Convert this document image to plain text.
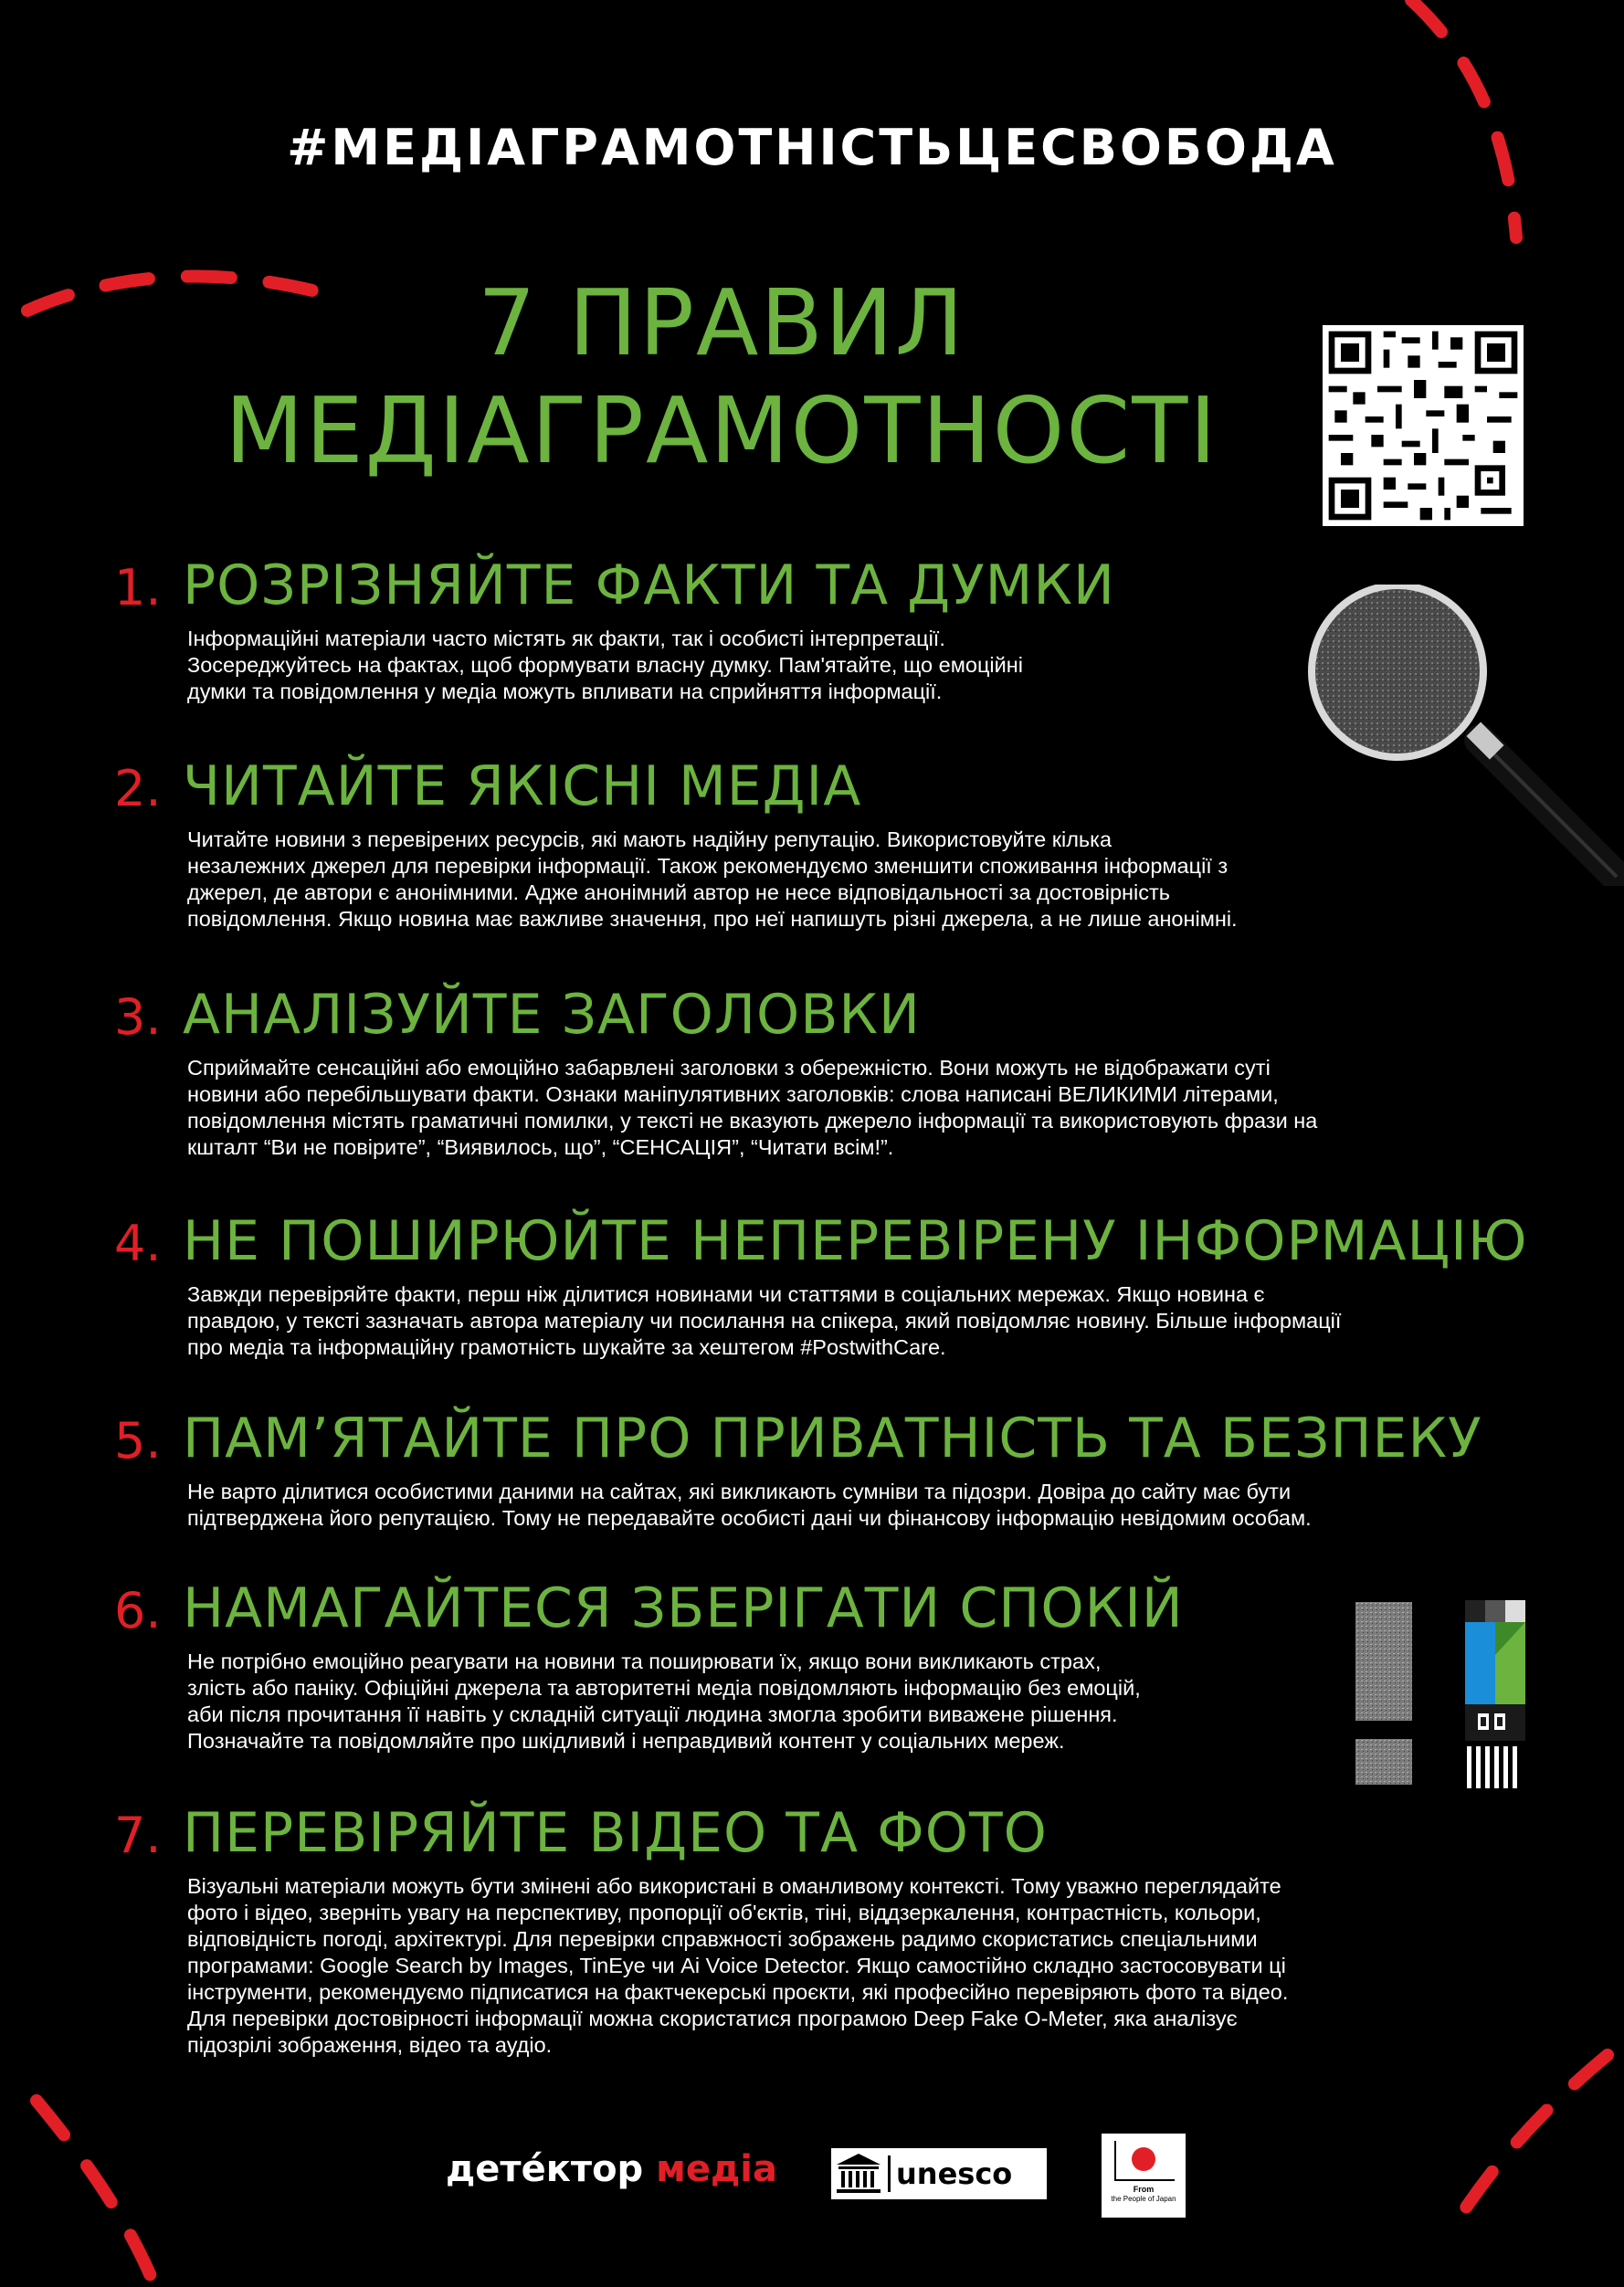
#МЕДІАГРАМОТНІСТЬЦЕСВОБОДА
7 ПРАВИЛ
МЕДІАГРАМОТНОСТІ
1. РОЗРІЗНЯЙТЕ ФАКТИ ТА ДУМКИ
Інформаційні матеріали часто містять як факти, так і особисті інтерпретації.
Зосереджуйтесь на фактах, щоб формувати власну думку. Пам'ятайте, що емоційні
думки та повідомлення у медіа можуть впливати на сприйняття інформації.
2. ЧИТАЙТЕ ЯКІСНІ МЕДІА
Читайте новини з перевірених ресурсів, які мають надійну репутацію. Використовуйте кілька
незалежних джерел для перевірки інформації. Також рекомендуємо зменшити споживання інформації з
джерел, де автори є анонімними. Адже анонімний автор не несе відповідальності за достовірність
повідомлення. Якщо новина має важливе значення, про неї напишуть різні джерела, а не лише анонімні.
3. АНАЛІЗУЙТЕ ЗАГОЛОВКИ
Сприймайте сенсаційні або емоційно забарвлені заголовки з обережністю. Вони можуть не відображати суті
новини або перебільшувати факти. Ознаки маніпулятивних заголовків: слова написані ВЕЛИКИМИ літерами,
повідомлення містять граматичні помилки, у тексті не вказують джерело інформації та використовують фрази на
кшталт “Ви не повірите”, “Виявилось, що”, “СЕНСАЦІЯ”, “Читати всім!”.
4. НЕ ПОШИРЮЙТЕ НЕПЕРЕВІРЕНУ ІНФОРМАЦІЮ
Завжди перевіряйте факти, перш ніж ділитися новинами чи статтями в соціальних мережах. Якщо новина є
правдою, у тексті зазначать автора матеріалу чи посилання на спікера, який повідомляє новину. Більше інформації
про медіа та інформаційну грамотність шукайте за хештегом #PostwithCare.
5. ПАМ’ЯТАЙТЕ ПРО ПРИВАТНІСТЬ ТА БЕЗПЕКУ
Не варто ділитися особистими даними на сайтах, які викликають сумніви та підозри. Довіра до сайту має бути
підтверджена його репутацією. Тому не передавайте особисті дані чи фінансову інформацію невідомим особам.
6. НАМАГАЙТЕСЯ ЗБЕРІГАТИ СПОКІЙ
Не потрібно емоційно реагувати на новини та поширювати їх, якщо вони викликають страх,
злість або паніку. Офіційні джерела та авторитетні медіа повідомляють інформацію без емоцій,
аби після прочитання її навіть у складній ситуації людина змогла зробити виважене рішення.
Позначайте та повідомляйте про шкідливий і неправдивий контент у соціальних мереж.
7. ПЕРЕВІРЯЙТЕ ВІДЕО ТА ФОТО
Візуальні матеріали можуть бути змінені або використані в оманливому контексті. Тому уважно переглядайте
фото і відео, зверніть увагу на перспективу, пропорції об'єктів, тіні, віддзеркалення, контрастність, кольори,
відповідність погоді, архітектурі. Для перевірки справжності зображень радимо скористатись спеціальними
програмами: Google Search by Images, TinEye чи Ai Voice Detector. Якщо самостійно складно застосовувати ці
інструменти, рекомендуємо підписатися на фактчекерські проєкти, які професійно перевіряють фото та відео.
Для перевірки достовірності інформації можна скористатися програмою Deep Fake O-Meter, яка аналізує
підозрілі зображення, відео та аудіо.
детéктор медіа	unesco	From
the People of Japan
